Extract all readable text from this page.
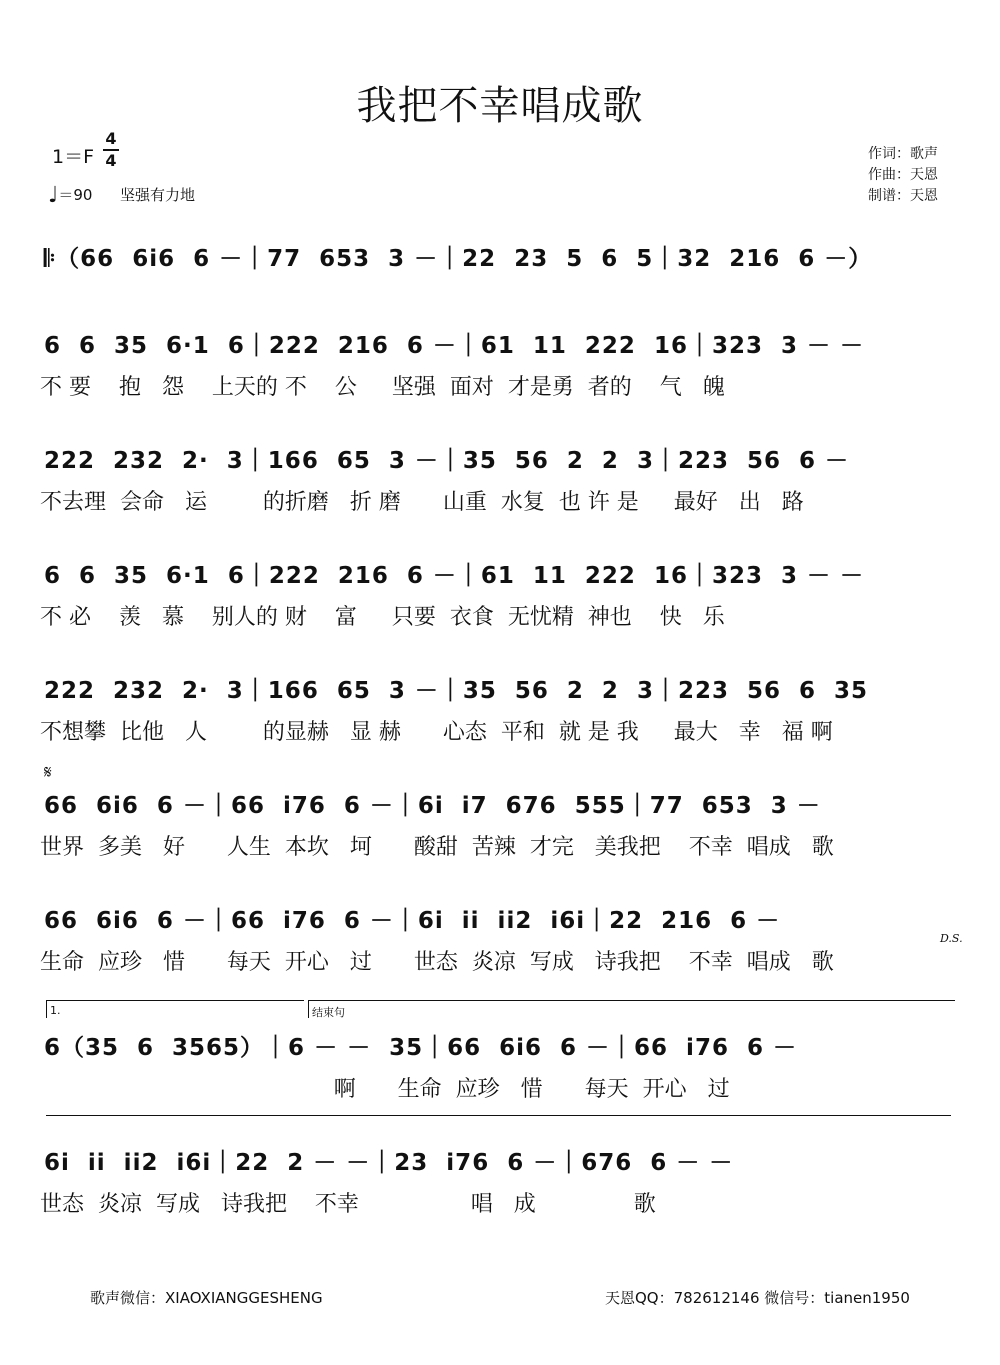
我把不幸唱成歌
1＝F
4
4
♩＝90 坚强有力地
作词：歌声
作曲：天恩
制谱：天恩
𝄆（66  6i6  6 －｜77  653  3 －｜22  23  5  6  5｜32  216  6 －）
6  6  35  6·1  6｜222  216  6 －｜61  11  222  16｜323  3 － －
不 要    抱   怨    上天的 不    公     坚强  面对  才是勇  者的    气   魄
222  232  2·  3｜166  65  3 －｜35  56  2  2  3｜223  56  6 －
不去理  会命   运        的折磨   折 磨      山重  水复  也 许 是     最好   出   路
6  6  35  6·1  6｜222  216  6 －｜61  11  222  16｜323  3 － －
不 必    羡   慕    别人的 财    富     只要  衣食  无忧精  神也    快   乐
222  232  2·  3｜166  65  3 －｜35  56  2  2  3｜223  56  6  35
不想攀  比他   人        的显赫   显 赫      心态  平和  就 是 我     最大   幸   福 啊
𝄋
66  6i6  6 －｜66  i76  6 －｜6i  i7  676  555｜77  653  3 －
世界  多美   好      人生  本坎   坷      酸甜  苦辣  才完   美我把    不幸  唱成   歌
66  6i6  6 －｜66  i76  6 －｜6i  ii  ii2  i6i｜22  216  6 －
D.S.
生命  应珍   惜      每天  开心   过      世态  炎凉  写成   诗我把    不幸  唱成   歌
1.	结束句
6（35  6  3565）｜6 － －  35｜66  6i6  6 －｜66  i76  6 －
啊      生命  应珍   惜      每天  开心   过
6i  ii  ii2  i6i｜22  2 － －｜23  i76  6 －｜676  6 － －
世态  炎凉  写成   诗我把    不幸                唱   成              歌
歌声微信：XIAOXIANGGESHENG	天恩QQ：782612146 微信号：tianen1950
